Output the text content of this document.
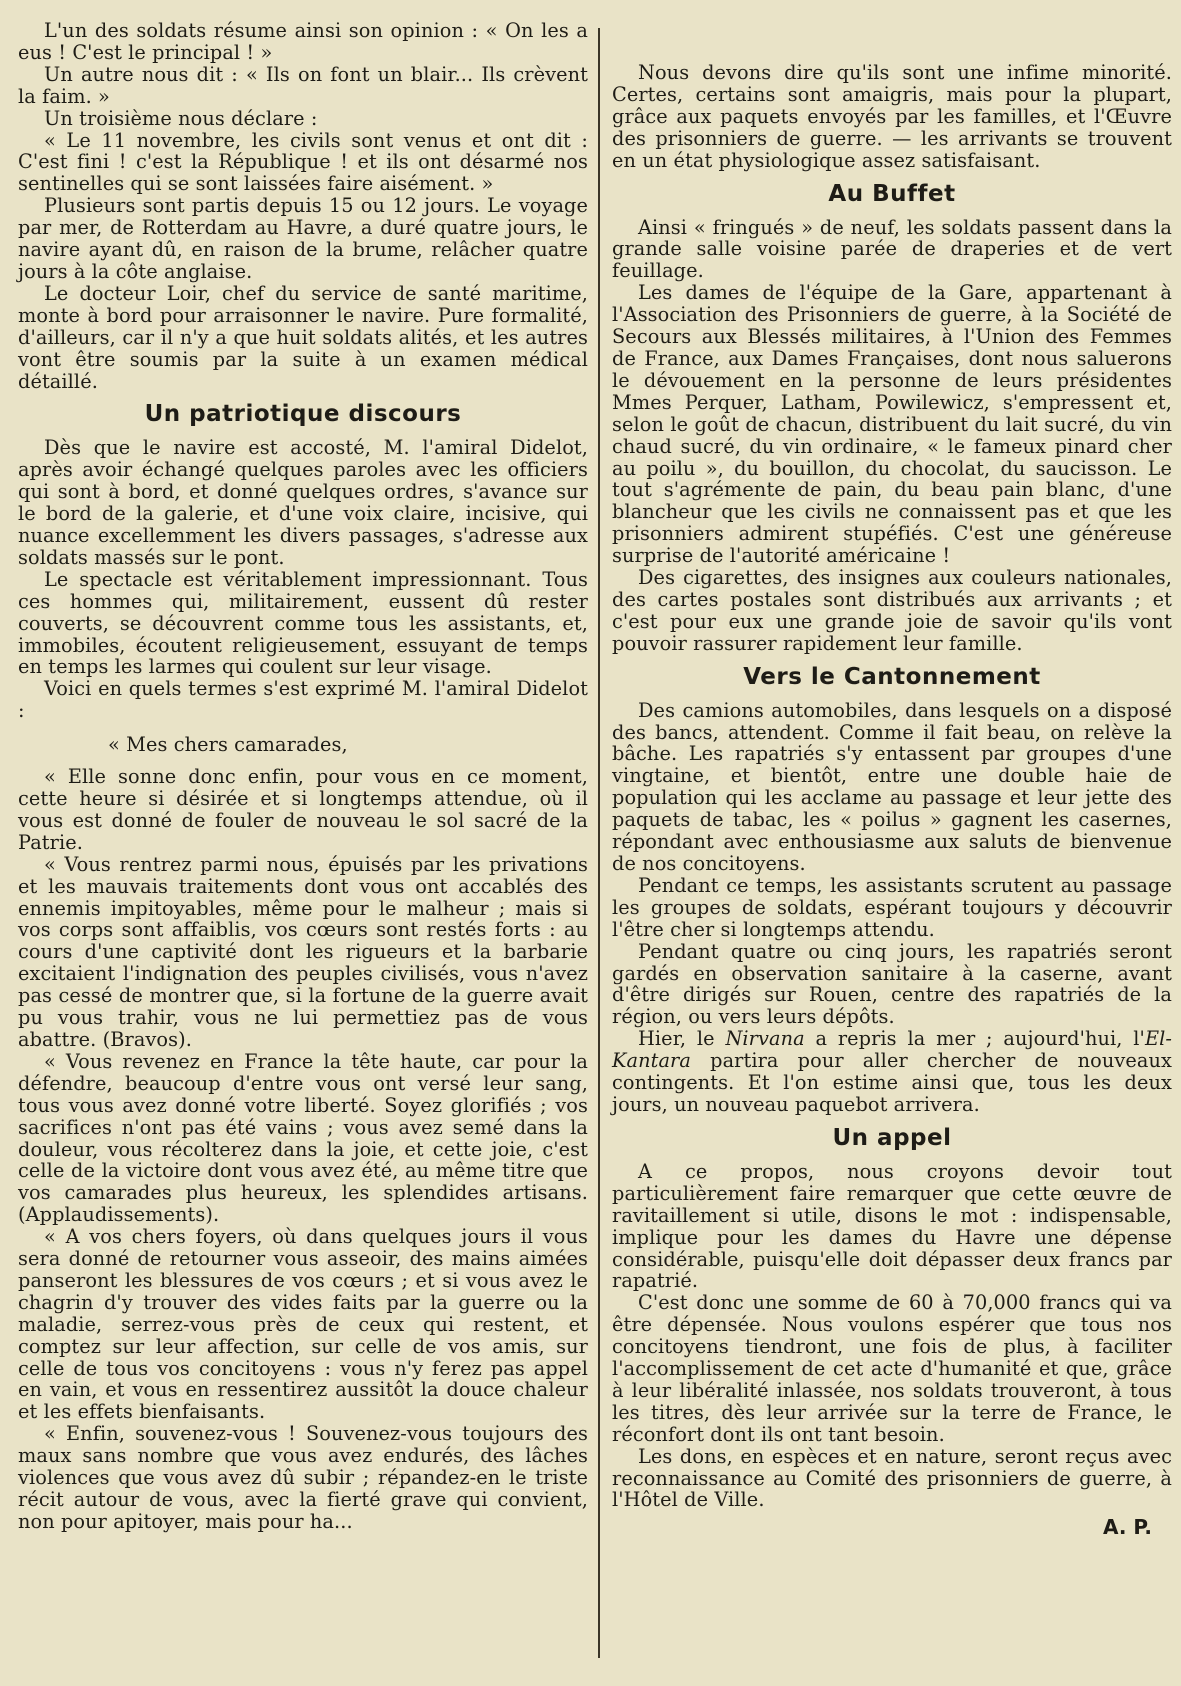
L'un des soldats résume ainsi son opinion : « On les a eus ! C'est le principal ! »

Un autre nous dit : « Ils on font un blair... Ils crèvent la faim. »

Un troisième nous déclare :

« Le 11 novembre, les civils sont venus et ont dit : C'est fini ! c'est la République ! et ils ont désarmé nos sentinelles qui se sont laissées faire aisément. »

Plusieurs sont partis depuis 15 ou 12 jours. Le voyage par mer, de Rotterdam au Havre, a duré quatre jours, le navire ayant dû, en raison de la brume, relâcher quatre jours à la côte anglaise.

Le docteur Loir, chef du service de santé maritime, monte à bord pour arraisonner le navire. Pure formalité, d'ailleurs, car il n'y a que huit soldats alités, et les autres vont être soumis par la suite à un examen médical détaillé.

Un patriotique discours

Dès que le navire est accosté, M. l'amiral Didelot, après avoir échangé quelques paroles avec les officiers qui sont à bord, et donné quelques ordres, s'avance sur le bord de la galerie, et d'une voix claire, incisive, qui nuance excellemment les divers passages, s'adresse aux soldats massés sur le pont.

Le spectacle est véritablement impressionnant. Tous ces hommes qui, militairement, eussent dû rester couverts, se découvrent comme tous les assistants, et, immobiles, écoutent religieusement, essuyant de temps en temps les larmes qui coulent sur leur visage.

Voici en quels termes s'est exprimé M. l'amiral Didelot :

« Mes chers camarades,

« Elle sonne donc enfin, pour vous en ce moment, cette heure si désirée et si longtemps attendue, où il vous est donné de fouler de nouveau le sol sacré de la Patrie.

« Vous rentrez parmi nous, épuisés par les privations et les mauvais traitements dont vous ont accablés des ennemis impitoyables, même pour le malheur ; mais si vos corps sont affaiblis, vos cœurs sont restés forts : au cours d'une captivité dont les rigueurs et la barbarie excitaient l'indignation des peuples civilisés, vous n'avez pas cessé de montrer que, si la fortune de la guerre avait pu vous trahir, vous ne lui permettiez pas de vous abattre. (Bravos).

« Vous revenez en France la tête haute, car pour la défendre, beaucoup d'entre vous ont versé leur sang, tous vous avez donné votre liberté. Soyez glorifiés ; vos sacrifices n'ont pas été vains ; vous avez semé dans la douleur, vous récolterez dans la joie, et cette joie, c'est celle de la victoire dont vous avez été, au même titre que vos camarades plus heureux, les splendides artisans. (Applaudissements).

« A vos chers foyers, où dans quelques jours il vous sera donné de retourner vous asseoir, des mains aimées panseront les blessures de vos cœurs ; et si vous avez le chagrin d'y trouver des vides faits par la guerre ou la maladie, serrez-vous près de ceux qui restent, et comptez sur leur affection, sur celle de vos amis, sur celle de tous vos concitoyens : vous n'y ferez pas appel en vain, et vous en ressentirez aussitôt la douce chaleur et les effets bienfaisants.

« Enfin, souvenez-vous ! Souvenez-vous toujours des maux sans nombre que vous avez endurés, des lâches violences que vous avez dû subir ; répandez-en le triste récit autour de vous, avec la fierté grave qui convient, non pour apitoyer, mais pour ha...

Nous devons dire qu'ils sont une infime minorité. Certes, certains sont amaigris, mais pour la plupart, grâce aux paquets envoyés par les familles, et l'Œuvre des prisonniers de guerre. — les arrivants se trouvent en un état physiologique assez satisfaisant.

Au Buffet

Ainsi « fringués » de neuf, les soldats passent dans la grande salle voisine parée de draperies et de vert feuillage.

Les dames de l'équipe de la Gare, appartenant à l'Association des Prisonniers de guerre, à la Société de Secours aux Blessés militaires, à l'Union des Femmes de France, aux Dames Françaises, dont nous saluerons le dévouement en la personne de leurs présidentes Mmes Perquer, Latham, Powilewicz, s'empressent et, selon le goût de chacun, distribuent du lait sucré, du vin chaud sucré, du vin ordinaire, « le fameux pinard cher au poilu », du bouillon, du chocolat, du saucisson. Le tout s'agrémente de pain, du beau pain blanc, d'une blancheur que les civils ne connaissent pas et que les prisonniers admirent stupéfiés. C'est une généreuse surprise de l'autorité américaine !

Des cigarettes, des insignes aux couleurs nationales, des cartes postales sont distribués aux arrivants ; et c'est pour eux une grande joie de savoir qu'ils vont pouvoir rassurer rapidement leur famille.

Vers le Cantonnement

Des camions automobiles, dans lesquels on a disposé des bancs, attendent. Comme il fait beau, on relève la bâche. Les rapatriés s'y entassent par groupes d'une vingtaine, et bientôt, entre une double haie de population qui les acclame au passage et leur jette des paquets de tabac, les « poilus » gagnent les casernes, répondant avec enthousiasme aux saluts de bienvenue de nos concitoyens.

Pendant ce temps, les assistants scrutent au passage les groupes de soldats, espérant toujours y découvrir l'être cher si longtemps attendu.

Pendant quatre ou cinq jours, les rapatriés seront gardés en observation sanitaire à la caserne, avant d'être dirigés sur Rouen, centre des rapatriés de la région, ou vers leurs dépôts.

Hier, le Nirvana a repris la mer ; aujourd'hui, l'El-Kantara partira pour aller chercher de nouveaux contingents. Et l'on estime ainsi que, tous les deux jours, un nouveau paquebot arrivera.

Un appel

A ce propos, nous croyons devoir tout particulièrement faire remarquer que cette œuvre de ravitaillement si utile, disons le mot : indispensable, implique pour les dames du Havre une dépense considérable, puisqu'elle doit dépasser deux francs par rapatrié.

C'est donc une somme de 60 à 70,000 francs qui va être dépensée. Nous voulons espérer que tous nos concitoyens tiendront, une fois de plus, à faciliter l'accomplissement de cet acte d'humanité et que, grâce à leur libéralité inlassée, nos soldats trouveront, à tous les titres, dès leur arrivée sur la terre de France, le réconfort dont ils ont tant besoin.

Les dons, en espèces et en nature, seront reçus avec reconnaissance au Comité des prisonniers de guerre, à l'Hôtel de Ville.

A. P.
